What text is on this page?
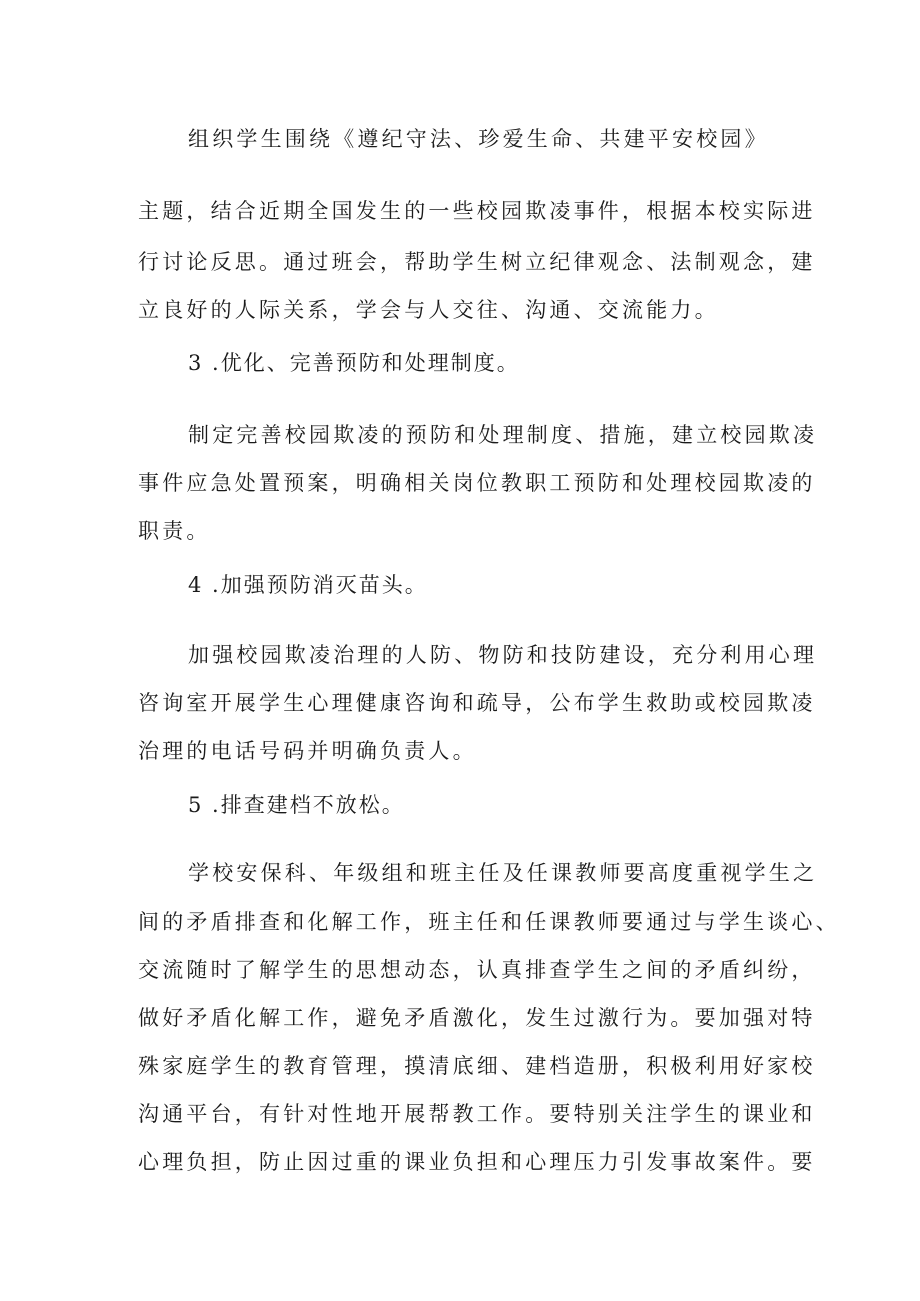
组织学生围绕《遵纪守法、珍爱生命、共建平安校园》
主题，结合近期全国发生的一些校园欺凌事件，根据本校实际进
行讨论反思。通过班会，帮助学生树立纪律观念、法制观念，建
立良好的人际关系，学会与人交往、沟通、交流能力。
3 .优化、完善预防和处理制度。
制定完善校园欺凌的预防和处理制度、措施，建立校园欺凌
事件应急处置预案，明确相关岗位教职工预防和处理校园欺凌的
职责。
4 .加强预防消灭苗头。
加强校园欺凌治理的人防、物防和技防建设，充分利用心理
咨询室开展学生心理健康咨询和疏导，公布学生救助或校园欺凌
治理的电话号码并明确负责人。
5 .排查建档不放松。
学校安保科、年级组和班主任及任课教师要高度重视学生之
间的矛盾排查和化解工作，班主任和任课教师要通过与学生谈心、
交流随时了解学生的思想动态，认真排查学生之间的矛盾纠纷，
做好矛盾化解工作，避免矛盾激化，发生过激行为。要加强对特
殊家庭学生的教育管理，摸清底细、建档造册，积极利用好家校
沟通平台，有针对性地开展帮教工作。要特别关注学生的课业和
心理负担，防止因过重的课业负担和心理压力引发事故案件。要
